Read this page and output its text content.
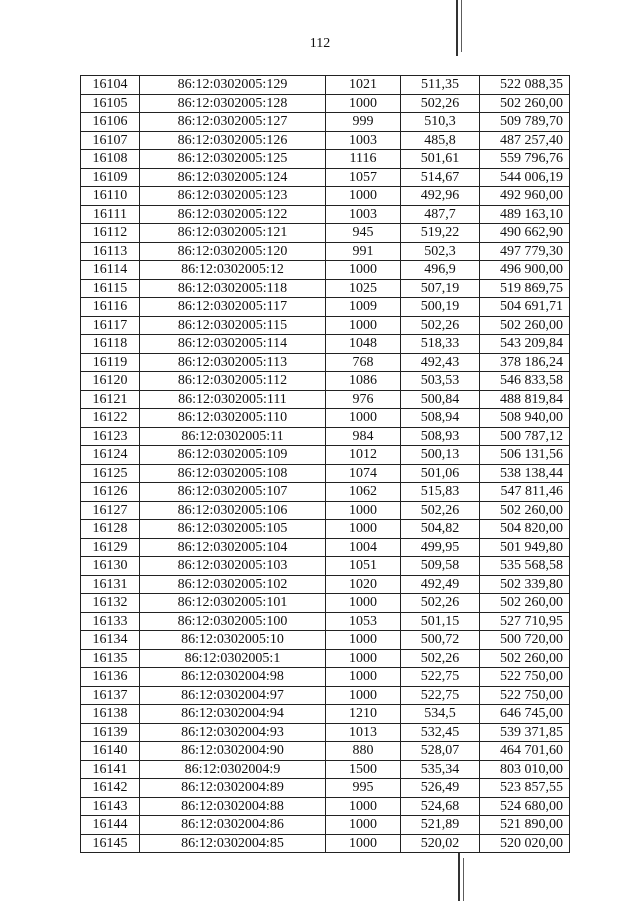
112
16104	86:12:0302005:129	1021	511,35	522 088,35
16105	86:12:0302005:128	1000	502,26	502 260,00
16106	86:12:0302005:127	999	510,3	509 789,70
16107	86:12:0302005:126	1003	485,8	487 257,40
16108	86:12:0302005:125	1116	501,61	559 796,76
16109	86:12:0302005:124	1057	514,67	544 006,19
16110	86:12:0302005:123	1000	492,96	492 960,00
16111	86:12:0302005:122	1003	487,7	489 163,10
16112	86:12:0302005:121	945	519,22	490 662,90
16113	86:12:0302005:120	991	502,3	497 779,30
16114	86:12:0302005:12	1000	496,9	496 900,00
16115	86:12:0302005:118	1025	507,19	519 869,75
16116	86:12:0302005:117	1009	500,19	504 691,71
16117	86:12:0302005:115	1000	502,26	502 260,00
16118	86:12:0302005:114	1048	518,33	543 209,84
16119	86:12:0302005:113	768	492,43	378 186,24
16120	86:12:0302005:112	1086	503,53	546 833,58
16121	86:12:0302005:111	976	500,84	488 819,84
16122	86:12:0302005:110	1000	508,94	508 940,00
16123	86:12:0302005:11	984	508,93	500 787,12
16124	86:12:0302005:109	1012	500,13	506 131,56
16125	86:12:0302005:108	1074	501,06	538 138,44
16126	86:12:0302005:107	1062	515,83	547 811,46
16127	86:12:0302005:106	1000	502,26	502 260,00
16128	86:12:0302005:105	1000	504,82	504 820,00
16129	86:12:0302005:104	1004	499,95	501 949,80
16130	86:12:0302005:103	1051	509,58	535 568,58
16131	86:12:0302005:102	1020	492,49	502 339,80
16132	86:12:0302005:101	1000	502,26	502 260,00
16133	86:12:0302005:100	1053	501,15	527 710,95
16134	86:12:0302005:10	1000	500,72	500 720,00
16135	86:12:0302005:1	1000	502,26	502 260,00
16136	86:12:0302004:98	1000	522,75	522 750,00
16137	86:12:0302004:97	1000	522,75	522 750,00
16138	86:12:0302004:94	1210	534,5	646 745,00
16139	86:12:0302004:93	1013	532,45	539 371,85
16140	86:12:0302004:90	880	528,07	464 701,60
16141	86:12:0302004:9	1500	535,34	803 010,00
16142	86:12:0302004:89	995	526,49	523 857,55
16143	86:12:0302004:88	1000	524,68	524 680,00
16144	86:12:0302004:86	1000	521,89	521 890,00
16145	86:12:0302004:85	1000	520,02	520 020,00
